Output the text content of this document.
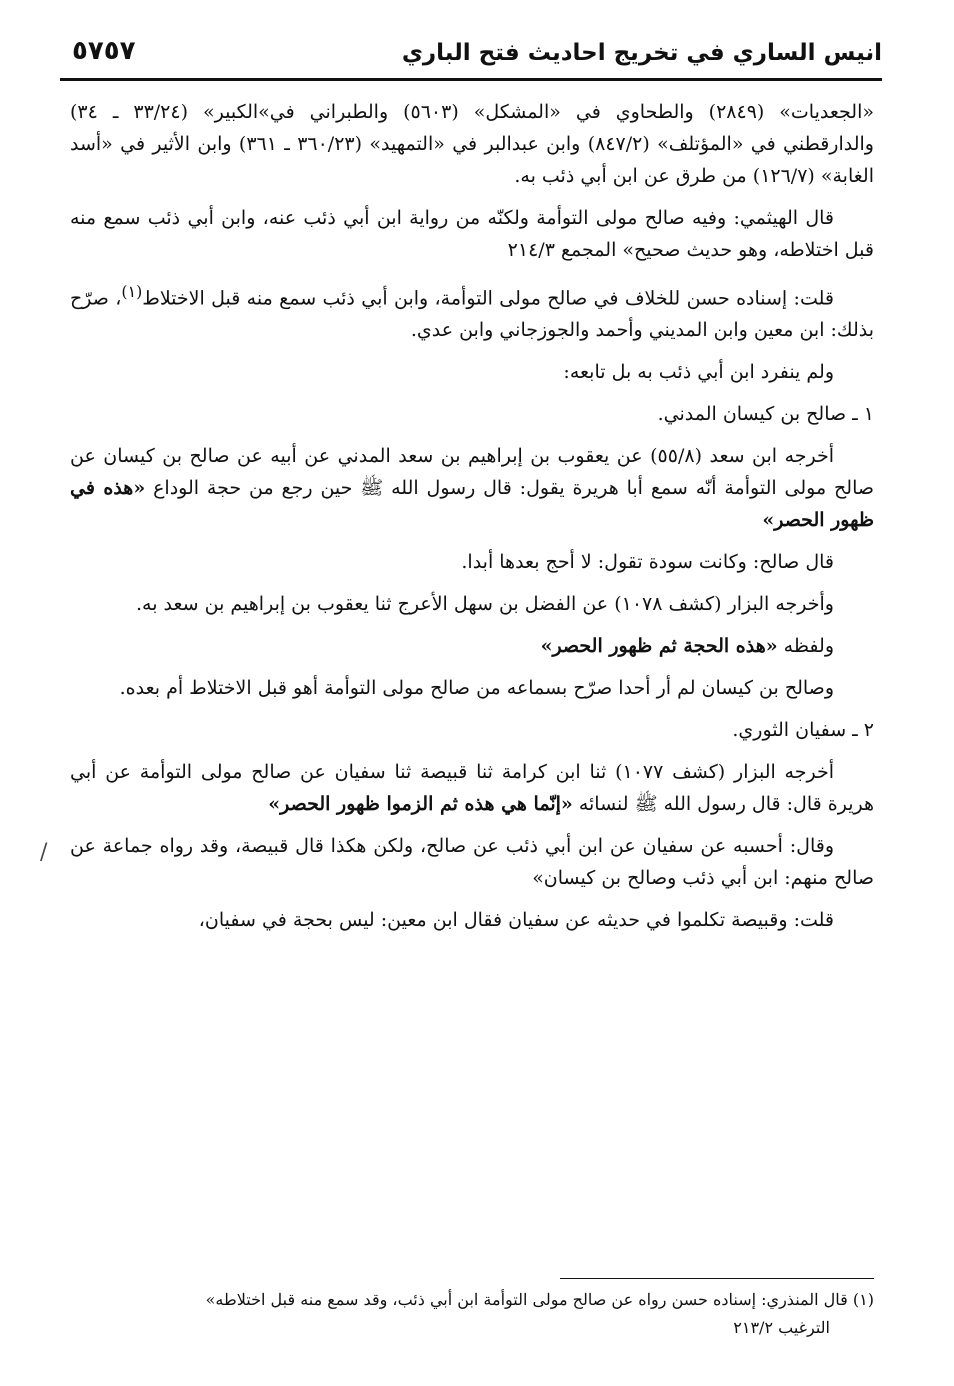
انيس الساري في تخريج احاديث فتح الباري
٥٧٥٧

«الجعديات» (٢٨٤٩) والطحاوي في «المشكل» (٥٦٠٣) والطبراني في»الكبير» (٣٣/٢٤ ـ ٣٤) والدارقطني في «المؤتلف» (٨٤٧/٢) وابن عبدالبر في «التمهيد» (٣٦٠/٢٣ ـ ٣٦١) وابن الأثير في «أسد الغابة» (١٢٦/٧) من طرق عن ابن أبي ذئب به.

قال الهيثمي: وفيه صالح مولى التوأمة ولكنّه من رواية ابن أبي ذئب عنه، وابن أبي ذئب سمع منه قبل اختلاطه، وهو حديث صحيح» المجمع ٢١٤/٣

قلت: إسناده حسن للخلاف في صالح مولى التوأمة، وابن أبي ذئب سمع منه قبل الاختلاط$^{(١)}$، صرّح بذلك: ابن معين وابن المديني وأحمد والجوزجاني وابن عدي.

ولم ينفرد ابن أبي ذئب به بل تابعه:

١ ـ صالح بن كيسان المدني.

أخرجه ابن سعد (٥٥/٨) عن يعقوب بن إبراهيم بن سعد المدني عن أبيه عن صالح بن كيسان عن صالح مولى التوأمة أنّه سمع أبا هريرة يقول: قال رسول الله ﷺ حين رجع من حجة الوداع «هذه في ظهور الحصر»

قال صالح: وكانت سودة تقول: لا أحج بعدها أبدا.

وأخرجه البزار (كشف ١٠٧٨) عن الفضل بن سهل الأعرج ثنا يعقوب بن إبراهيم بن سعد به.

ولفظه «هذه الحجة ثم ظهور الحصر»

وصالح بن كيسان لم أر أحدا صرّح بسماعه من صالح مولى التوأمة أهو قبل الاختلاط أم بعده.

٢ ـ سفيان الثوري.

أخرجه البزار (كشف ١٠٧٧) ثنا ابن كرامة ثنا قبيصة ثنا سفيان عن صالح مولى التوأمة عن أبي هريرة قال: قال رسول الله ﷺ لنسائه «إنّما هي هذه ثم الزموا ظهور الحصر»

وقال: أحسبه عن سفيان عن ابن أبي ذئب عن صالح، ولكن هكذا قال قبيصة، وقد رواه جماعة عن صالح منهم: ابن أبي ذئب وصالح بن كيسان»

قلت: وقبيصة تكلموا في حديثه عن سفيان فقال ابن معين: ليس بحجة في سفيان،

/

(١) قال المنذري: إسناده حسن رواه عن صالح مولى التوأمة ابن أبي ذئب، وقد سمع منه قبل اختلاطه»

الترغيب ٢١٣/٢
